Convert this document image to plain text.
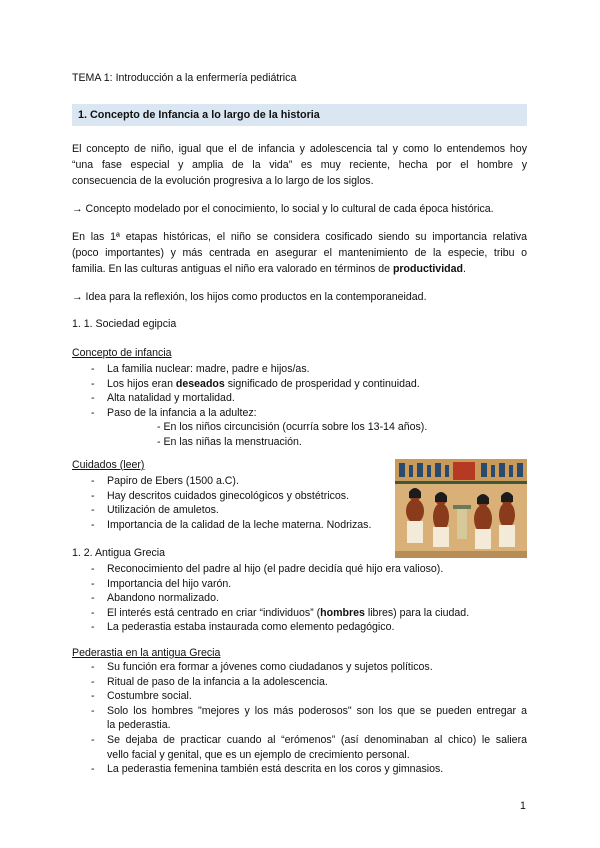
TEMA 1: Introducción a la enfermería pediátrica
1. Concepto de Infancia a lo largo de la historia
El concepto de niño, igual que el de infancia y adolescencia tal y como lo entendemos hoy
“una fase especial y amplia de la vida” es muy reciente, hecha por el hombre y
consecuencia de la evolución progresiva a lo largo de los siglos.
→ Concepto modelado por el conocimiento, lo social y lo cultural de cada época histórica.
En las 1ª etapas históricas, el niño se considera cosificado siendo su importancia relativa
(poco importantes) y más centrada en asegurar el mantenimiento de la especie, tribu o
familia. En las culturas antiguas el niño era valorado en términos de productividad.
→ Idea para la reflexión, los hijos como productos en la contemporaneidad.
1. 1. Sociedad egipcia
Concepto de infancia
- La familia nuclear: madre, padre e hijos/as.
- Los hijos eran deseados significado de prosperidad y continuidad.
- Alta natalidad y mortalidad.
- Paso de la infancia a la adultez:
- En los niños circuncisión (ocurría sobre los 13-14 años).
- En las niñas la menstruación.
Cuidados (leer)
- Papiro de Ebers (1500 a.C).
- Hay descritos cuidados ginecológicos y obstétricos.
- Utilización de amuletos.
- Importancia de la calidad de la leche materna. Nodrizas.
1. 2. Antigua Grecia
- Reconocimiento del padre al hijo (el padre decidía qué hijo era valioso).
- Importancia del hijo varón.
- Abandono normalizado.
- El interés está centrado en criar “individuos” (hombres libres) para la ciudad.
- La pederastia estaba instaurada como elemento pedagógico.
Pederastia en la antigua Grecia
- Su función era formar a jóvenes como ciudadanos y sujetos políticos.
- Ritual de paso de la infancia a la adolescencia.
- Costumbre social.
- Solo los hombres "mejores y los más poderosos" son los que se pueden entregar a
la pederastia.
- Se dejaba de practicar cuando al “erómenos” (así denominaban al chico) le saliera
vello facial y genital, que es un ejemplo de crecimiento personal.
- La pederastia femenina también está descrita en los coros y gimnasios.
1
